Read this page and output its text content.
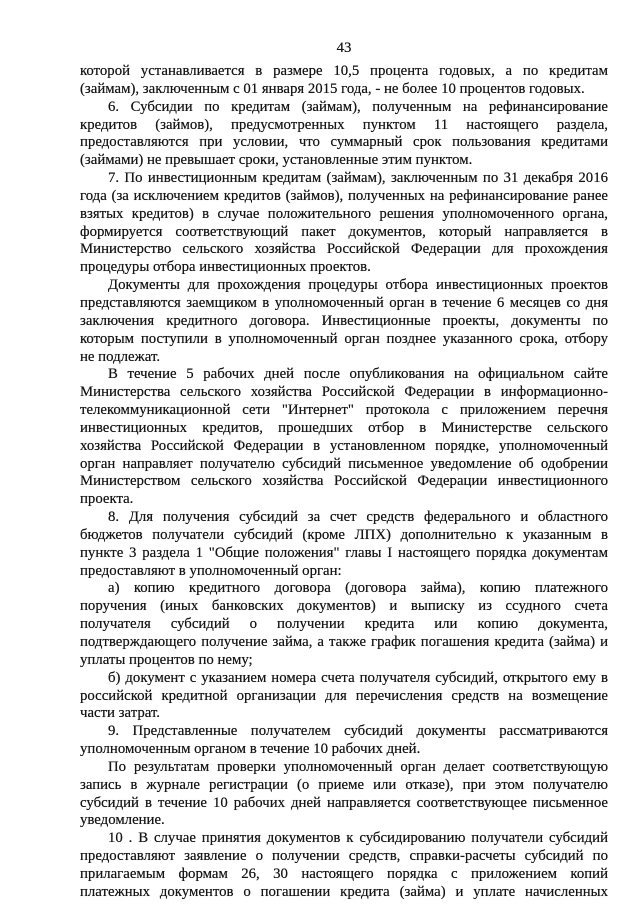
43
которой устанавливается в размере 10,5 процента годовых, а по кредитам
(займам), заключенным с 01 января 2015 года, - не более 10 процентов годовых.
6. Субсидии по кредитам (займам), полученным на рефинансирование
кредитов (займов), предусмотренных пунктом 11 настоящего раздела,
предоставляются при условии, что суммарный срок пользования кредитами
(займами) не превышает сроки, установленные этим пунктом.
7. По инвестиционным кредитам (займам), заключенным по 31 декабря 2016
года (за исключением кредитов (займов), полученных на рефинансирование ранее
взятых кредитов) в случае положительного решения уполномоченного органа,
формируется соответствующий пакет документов, который направляется в
Министерство сельского хозяйства Российской Федерации для прохождения
процедуры отбора инвестиционных проектов.
Документы для прохождения процедуры отбора инвестиционных проектов
представляются заемщиком в уполномоченный орган в течение 6 месяцев со дня
заключения кредитного договора. Инвестиционные проекты, документы по
которым поступили в уполномоченный орган позднее указанного срока, отбору
не подлежат.
В течение 5 рабочих дней после опубликования на официальном сайте
Министерства сельского хозяйства Российской Федерации в информационно-
телекоммуникационной сети "Интернет" протокола с приложением перечня
инвестиционных кредитов, прошедших отбор в Министерстве сельского
хозяйства Российской Федерации в установленном порядке, уполномоченный
орган направляет получателю субсидий письменное уведомление об одобрении
Министерством сельского хозяйства Российской Федерации инвестиционного
проекта.
8. Для получения субсидий за счет средств федерального и областного
бюджетов получатели субсидий (кроме ЛПХ) дополнительно к указанным в
пункте 3 раздела 1 "Общие положения" главы I настоящего порядка документам
предоставляют в уполномоченный орган:
а) копию кредитного договора (договора займа), копию платежного
поручения (иных банковских документов) и выписку из ссудного счета
получателя субсидий о получении кредита или копию документа,
подтверждающего получение займа, а также график погашения кредита (займа) и
уплаты процентов по нему;
б) документ с указанием номера счета получателя субсидий, открытого ему в
российской кредитной организации для перечисления средств на возмещение
части затрат.
9. Представленные получателем субсидий документы рассматриваются
уполномоченным органом в течение 10 рабочих дней.
По результатам проверки уполномоченный орган делает соответствующую
запись в журнале регистрации (о приеме или отказе), при этом получателю
субсидий в течение 10 рабочих дней направляется соответствующее письменное
уведомление.
10 . В случае принятия документов к субсидированию получатели субсидий
предоставляют заявление о получении средств, справки-расчеты субсидий по
прилагаемым формам 26, 30 настоящего порядка с приложением копий
платежных документов о погашении кредита (займа) и уплате начисленных
